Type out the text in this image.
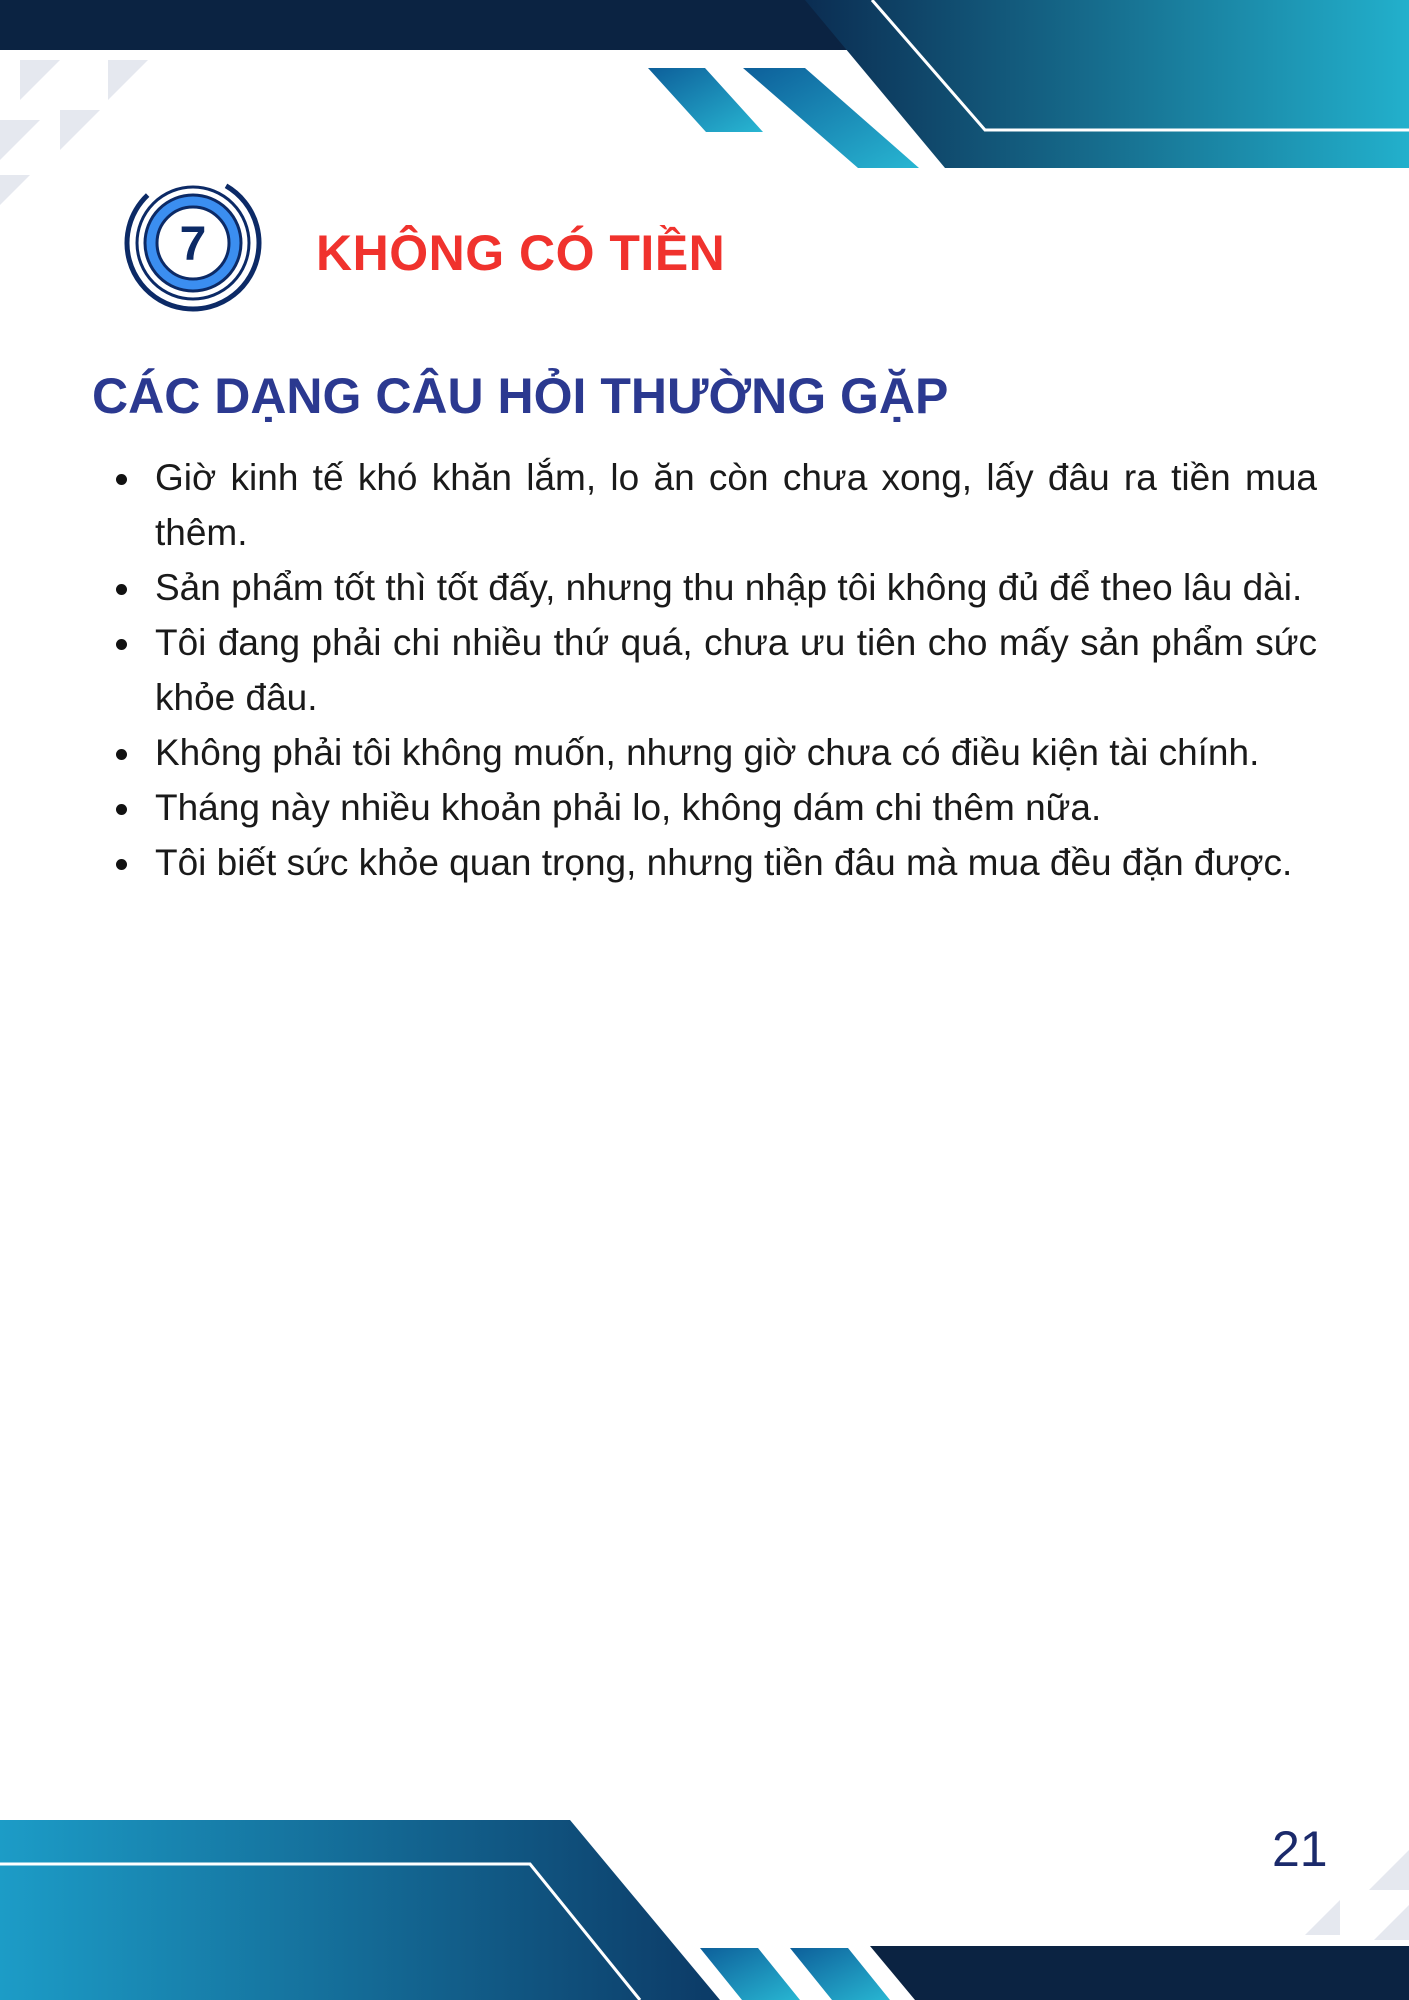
7 KHÔNG CÓ TIỀN
CÁC DẠNG CÂU HỎI THƯỜNG GẶP
Giờ kinh tế khó khăn lắm, lo ăn còn chưa xong, lấy đâu ra tiền mua thêm.
Sản phẩm tốt thì tốt đấy, nhưng thu nhập tôi không đủ để theo lâu dài.
Tôi đang phải chi nhiều thứ quá, chưa ưu tiên cho mấy sản phẩm sức khỏe đâu.
Không phải tôi không muốn, nhưng giờ chưa có điều kiện tài chính.
Tháng này nhiều khoản phải lo, không dám chi thêm nữa.
Tôi biết sức khỏe quan trọng, nhưng tiền đâu mà mua đều đặn được.
21
